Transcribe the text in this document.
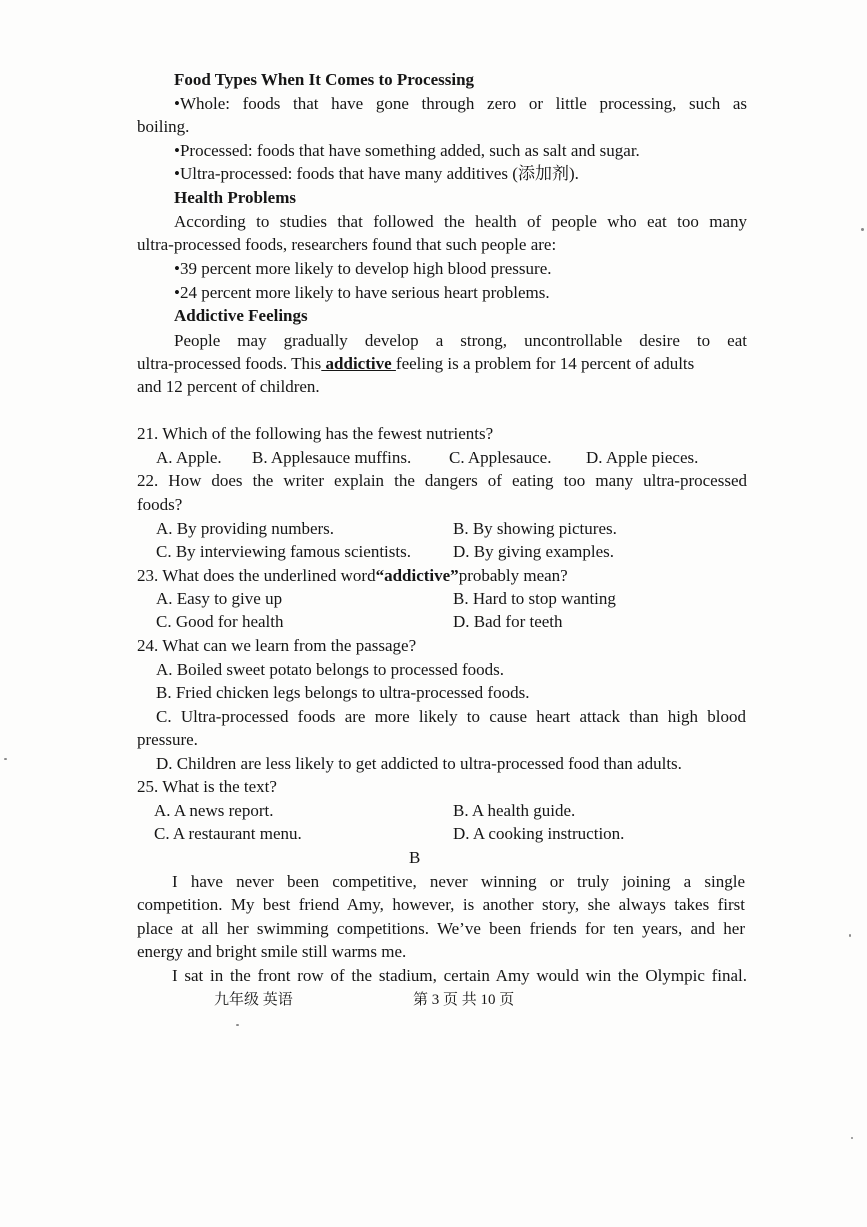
Food Types When It Comes to Processing
•Whole: foods that have gone through zero or little processing, such as
boiling.
•Processed: foods that have something added, such as salt and sugar.
•Ultra-processed: foods that have many additives (添加剂).
Health Problems
According to studies that followed the health of people who eat too many
ultra-processed foods, researchers found that such people are:
•39 percent more likely to develop high blood pressure.
•24 percent more likely to have serious heart problems.
Addictive Feelings
People may gradually develop a strong, uncontrollable desire to eat
ultra-processed foods. This addictive feeling is a problem for 14 percent of adults
and 12 percent of children.
21. Which of the following has the fewest nutrients?
A. Apple. B. Applesauce muffins. C. Applesauce. D. Apple pieces.
22. How does the writer explain the dangers of eating too many ultra-processed
foods?
A. By providing numbers.	B. By showing pictures.
C. By interviewing famous scientists. D. By giving examples.
23. What does the underlined word“addictive”probably mean?
A. Easy to give up	B. Hard to stop wanting
C. Good for health	D. Bad for teeth
24. What can we learn from the passage?
A. Boiled sweet potato belongs to processed foods.
B. Fried chicken legs belongs to ultra-processed foods.
C. Ultra-processed foods are more likely to cause heart attack than high blood
pressure.
D. Children are less likely to get addicted to ultra-processed food than adults.
25. What is the text?
A. A news report.	B. A health guide.
C. A restaurant menu.	D. A cooking instruction.
B
I have never been competitive, never winning or truly joining a single
competition. My best friend Amy, however, is another story, she always takes first
place at all her swimming competitions. We’ve been friends for ten years, and her
energy and bright smile still warms me.
I sat in the front row of the stadium, certain Amy would win the Olympic final.
九年级 英语	第 3 页 共 10 页
